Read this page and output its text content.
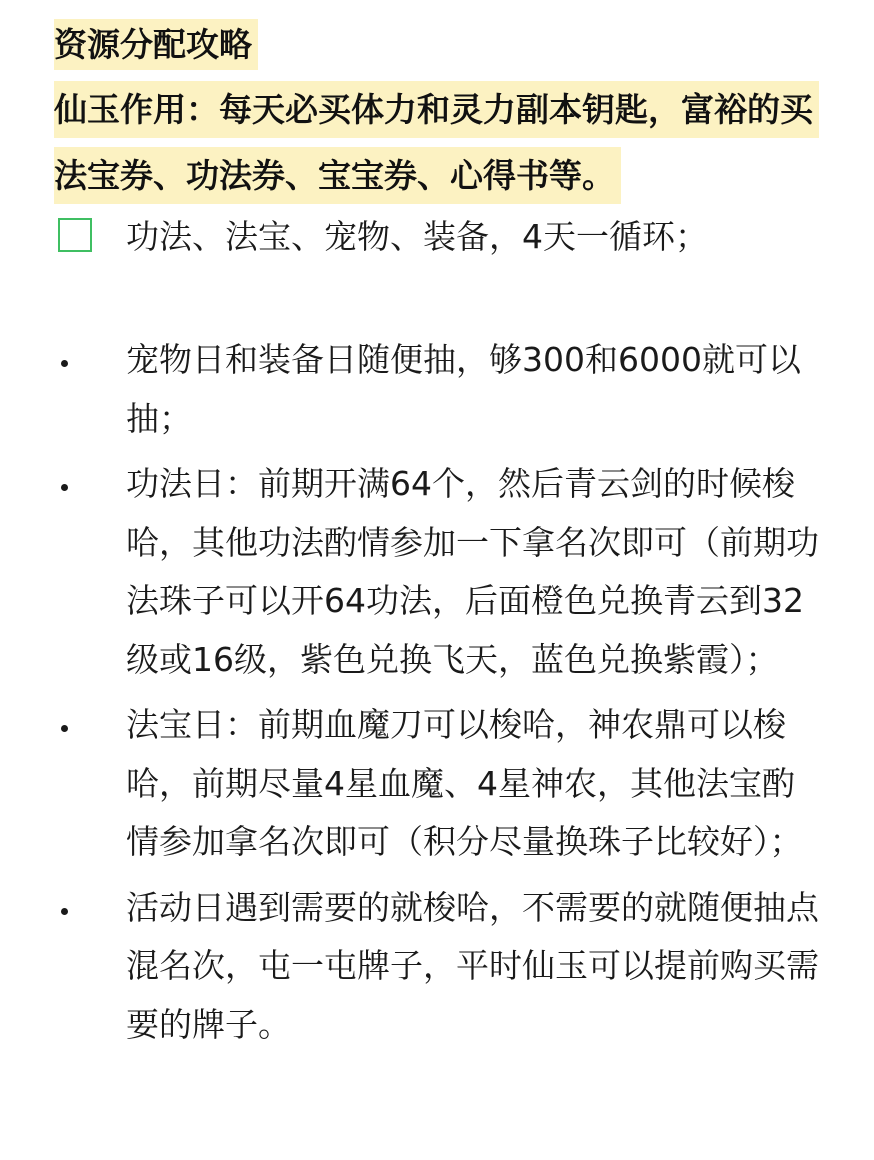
资源分配攻略

仙玉作用：每天必买体力和灵力副本钥匙，富裕的买法宝券、功法券、宝宝券、心得书等。

功法、法宝、宠物、装备，4天一循环；
宠物日和装备日随便抽，够300和6000就可以抽；
功法日：前期开满64个，然后青云剑的时候梭哈，其他功法酌情参加一下拿名次即可（前期功法珠子可以开64功法，后面橙色兑换青云到32级或16级，紫色兑换飞天，蓝色兑换紫霞）；
法宝日：前期血魔刀可以梭哈，神农鼎可以梭哈，前期尽量4星血魔、4星神农，其他法宝酌情参加拿名次即可（积分尽量换珠子比较好）；
活动日遇到需要的就梭哈，不需要的就随便抽点混名次，屯一屯牌子，平时仙玉可以提前购买需要的牌子。
